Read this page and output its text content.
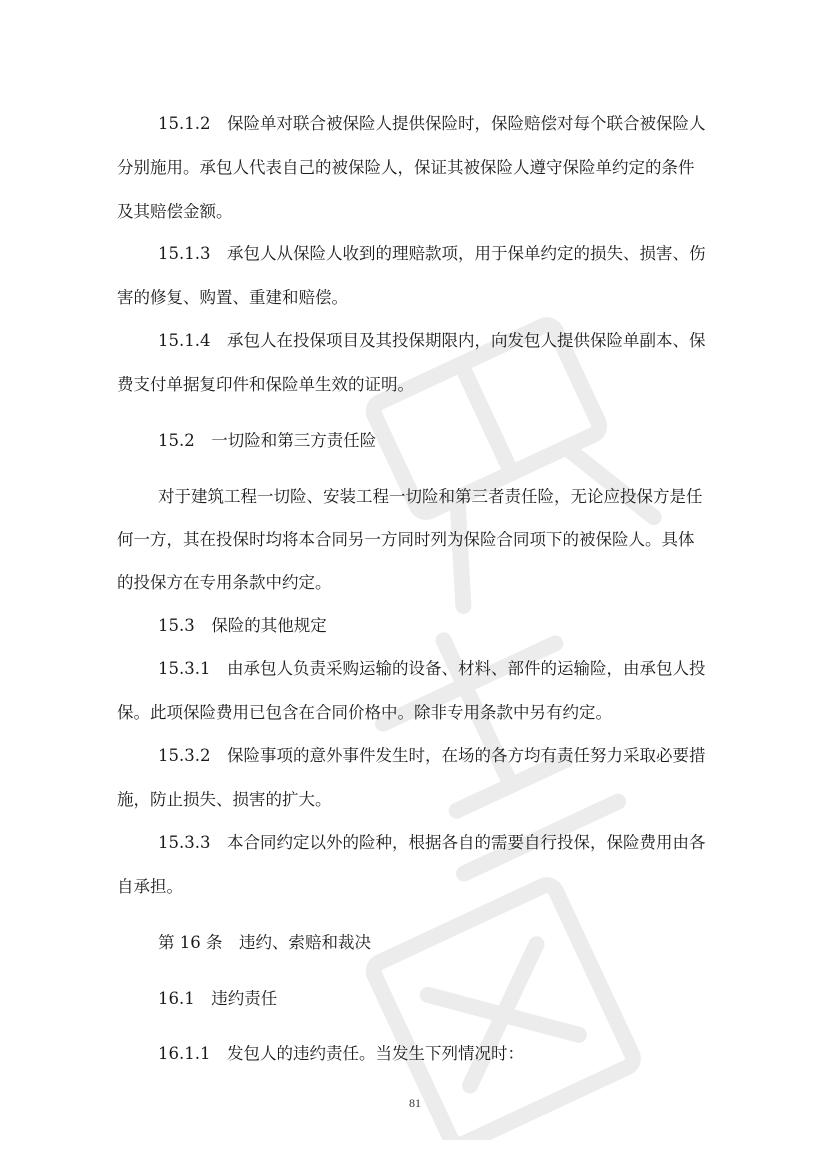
15.1.2　保险单对联合被保险人提供保险时，保险赔偿对每个联合被保险人
分别施用。承包人代表自己的被保险人，保证其被保险人遵守保险单约定的条件
及其赔偿金额。
15.1.3　承包人从保险人收到的理赔款项，用于保单约定的损失、损害、伤
害的修复、购置、重建和赔偿。
15.1.4　承包人在投保项目及其投保期限内，向发包人提供保险单副本、保
费支付单据复印件和保险单生效的证明。
15.2　一切险和第三方责任险
对于建筑工程一切险、安装工程一切险和第三者责任险，无论应投保方是任
何一方，其在投保时均将本合同另一方同时列为保险合同项下的被保险人。具体
的投保方在专用条款中约定。
15.3　保险的其他规定
15.3.1　由承包人负责采购运输的设备、材料、部件的运输险，由承包人投
保。此项保险费用已包含在合同价格中。除非专用条款中另有约定。
15.3.2　保险事项的意外事件发生时，在场的各方均有责任努力采取必要措
施，防止损失、损害的扩大。
15.3.3　本合同约定以外的险种，根据各自的需要自行投保，保险费用由各
自承担。
第 16 条　违约、索赔和裁决
16.1　违约责任
16.1.1　发包人的违约责任。当发生下列情况时：
81
